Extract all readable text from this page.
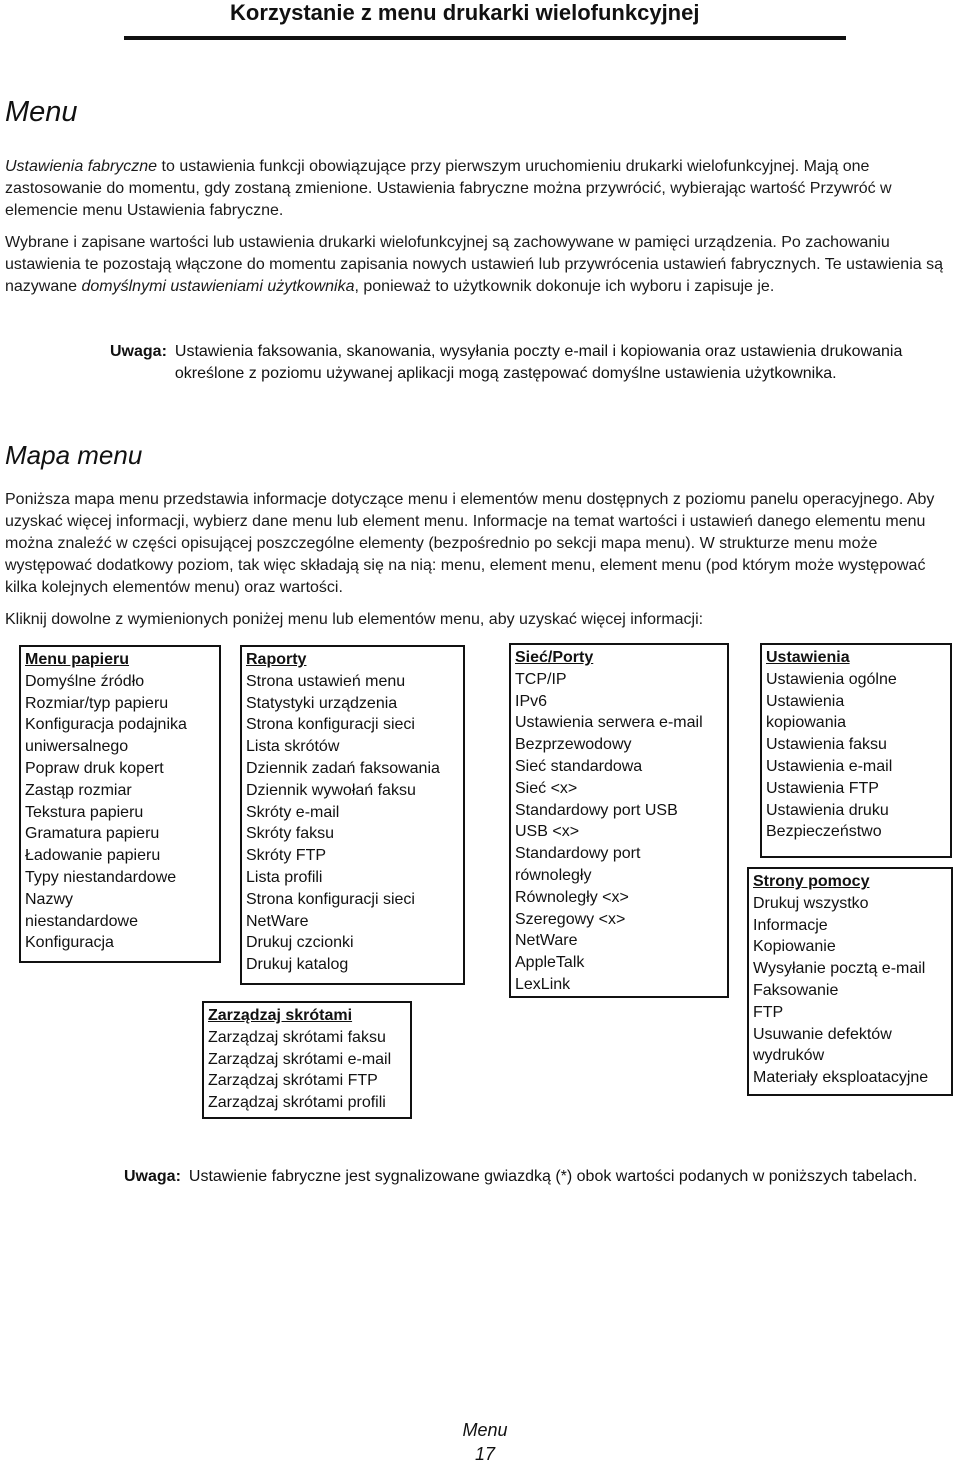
Korzystanie z menu drukarki wielofunkcyjnej
Menu

Ustawienia fabryczne to ustawienia funkcji obowiązujące przy pierwszym uruchomieniu drukarki wielofunkcyjnej. Mają one zastosowanie do momentu, gdy zostaną zmienione. Ustawienia fabryczne można przywrócić, wybierając wartość Przywróć w elemencie menu Ustawienia fabryczne.

Wybrane i zapisane wartości lub ustawienia drukarki wielofunkcyjnej są zachowywane w pamięci urządzenia. Po zachowaniu ustawienia te pozostają włączone do momentu zapisania nowych ustawień lub przywrócenia ustawień fabrycznych. Te ustawienia są nazywane domyślnymi ustawieniami użytkownika, ponieważ to użytkownik dokonuje ich wyboru i zapisuje je.

Uwaga: Ustawienia faksowania, skanowania, wysyłania poczty e-mail i kopiowania oraz ustawienia drukowania określone z poziomu używanej aplikacji mogą zastępować domyślne ustawienia użytkownika.
Mapa menu

Poniższa mapa menu przedstawia informacje dotyczące menu i elementów menu dostępnych z poziomu panelu operacyjnego. Aby uzyskać więcej informacji, wybierz dane menu lub element menu. Informacje na temat wartości i ustawień danego elementu menu można znaleźć w części opisującej poszczególne elementy (bezpośrednio po sekcji mapa menu). W strukturze menu może występować dodatkowy poziom, tak więc składają się na nią: menu, element menu, element menu (pod którym może występować kilka kolejnych elementów menu) oraz wartości.

Kliknij dowolne z wymienionych poniżej menu lub elementów menu, aby uzyskać więcej informacji:

Menu papieru
Domyślne źródło
Rozmiar/typ papieru
Konfiguracja podajnika
uniwersalnego
Popraw druk kopert
Zastąp rozmiar
Tekstura papieru
Gramatura papieru
Ładowanie papieru
Typy niestandardowe
Nazwy
niestandardowe
Konfiguracja
Raporty
Strona ustawień menu
Statystyki urządzenia
Strona konfiguracji sieci
Lista skrótów
Dziennik zadań faksowania
Dziennik wywołań faksu
Skróty e-mail
Skróty faksu
Skróty FTP
Lista profili
Strona konfiguracji sieci
NetWare
Drukuj czcionki
Drukuj katalog
Sieć/Porty
TCP/IP
IPv6
Ustawienia serwera e-mail
Bezprzewodowy
Sieć standardowa
Sieć <x>
Standardowy port USB
USB <x>
Standardowy port
równoległy
Równoległy <x>
Szeregowy <x>
NetWare
AppleTalk
LexLink
Ustawienia
Ustawienia ogólne
Ustawienia
kopiowania
Ustawienia faksu
Ustawienia e-mail
Ustawienia FTP
Ustawienia druku
Bezpieczeństwo
Zarządzaj skrótami
Zarządzaj skrótami faksu
Zarządzaj skrótami e-mail
Zarządzaj skrótami FTP
Zarządzaj skrótami profili
Strony pomocy
Drukuj wszystko
Informacje
Kopiowanie
Wysyłanie pocztą e-mail
Faksowanie
FTP
Usuwanie defektów
wydruków
Materiały eksploatacyjne
Uwaga: Ustawienie fabryczne jest sygnalizowane gwiazdką (*) obok wartości podanych w poniższych tabelach.
Menu
17
